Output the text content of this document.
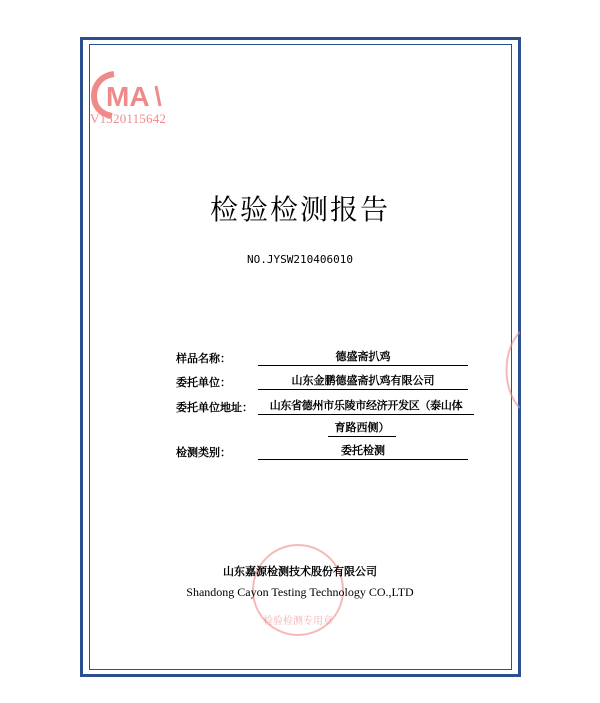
MA
V1520115642
检验检测报告
NO.JYSW210406010
样品名称：	德盛斋扒鸡
委托单位：	山东金鹏德盛斋扒鸡有限公司
委托单位地址：	山东省德州市乐陵市经济开发区（泰山体
育路西侧）
检测类别：	委托检测
检验检测专用章
山东嘉源检测技术股份有限公司
Shandong Cayon Testing Technology CO.,LTD
